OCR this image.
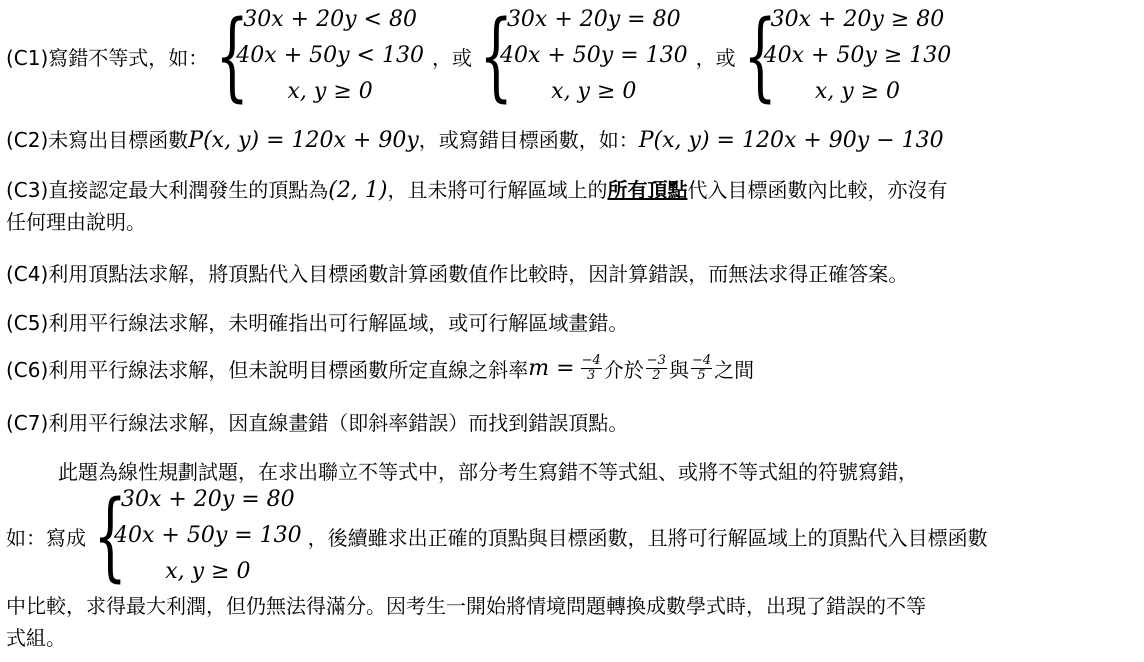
(C1)寫錯不等式，如： {
30x + 20y < 80
40x + 50y < 130
x, y ≥ 0
，或 {
30x + 20y = 80
40x + 50y = 130
x, y ≥ 0
，或 {
30x + 20y ≥ 80
40x + 50y ≥ 130
x, y ≥ 0
(C2)未寫出目標函數P(x, y) = 120x + 90y，或寫錯目標函數，如：P(x, y) = 120x + 90y − 130
(C3)直接認定最大利潤發生的頂點為(2, 1)，且未將可行解區域上的所有頂點代入目標函數內比較，亦沒有
任何理由說明。
(C4)利用頂點法求解，將頂點代入目標函數計算函數值作比較時，因計算錯誤，而無法求得正確答案。
(C5)利用平行線法求解，未明確指出可行解區域，或可行解區域畫錯。
(C6)利用平行線法求解，但未說明目標函數所定直線之斜率 $m = \frac{-4}{3}$ 介於 $\frac{-3}{2}$ 與 $\frac{-4}{5}$ 之間
(C7)利用平行線法求解，因直線畫錯（即斜率錯誤）而找到錯誤頂點。
此題為線性規劃試題，在求出聯立不等式中，部分考生寫錯不等式組、或將不等式組的符號寫錯，
如：寫成 {
30x + 20y = 80
40x + 50y = 130
x, y ≥ 0
，後續雖求出正確的頂點與目標函數，且將可行解區域上的頂點代入目標函數
中比較，求得最大利潤，但仍無法得滿分。因考生一開始將情境問題轉換成數學式時，出現了錯誤的不等
式組。
